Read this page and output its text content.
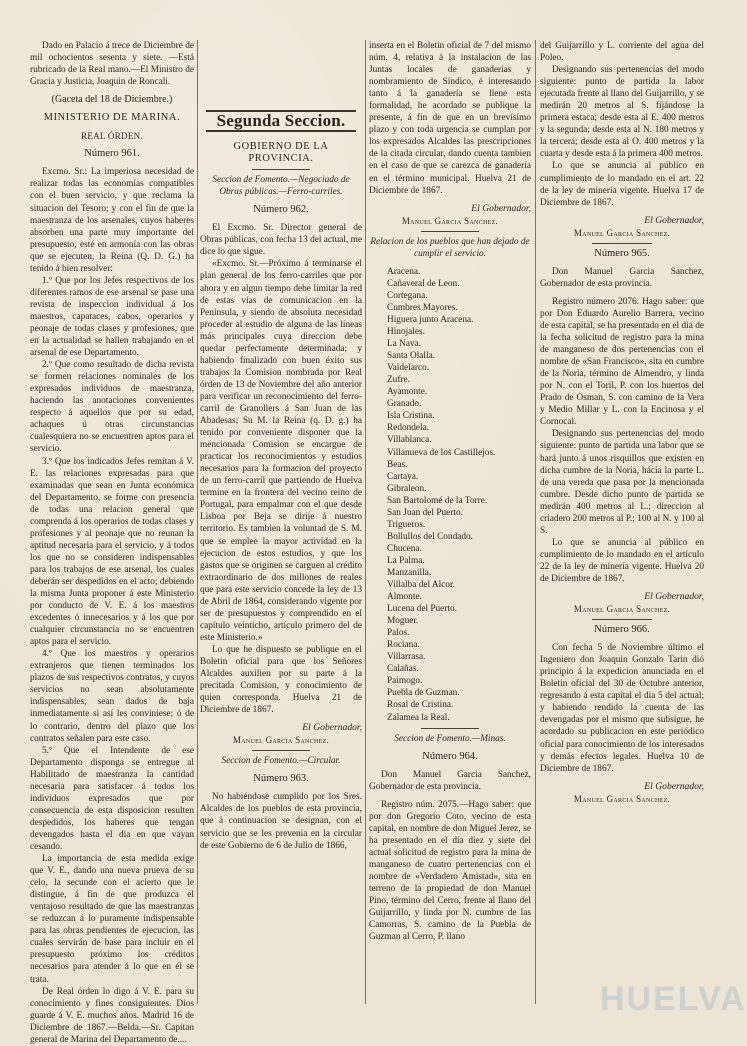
Dado en Palacio á trece de Diciembre de mil ochocientos sesenta y siete. —Está rubricado de la Real mano.—El Ministro de Gracia y Justicia, Joaquin de Roncali.

(Gaceta del 18 de Diciembre.)

MINISTERIO DE MARINA.

REAL ÓRDEN.

Número 961.

Excmo. Sr.: La imperiosa necesidad de realizar todas las economías compatibles con el buen servicio, y que reclama la situacion del Tesoro; y con el fin de que la maestranza de los arsenales, cuyos haberes absorben una parte muy importante del presupuesto, esté en armonía con las obras que se ejecuten, la Reina (Q. D. G.) ha tenido á bien resolver:

1.º Que por los Jefes respectivos de los diferentes ramos de ese arsenal se pase una revista de inspeccion individual á los maestros, capataces, cabos, operarios y peonaje de todas clases y profesiones, que en la actualidad se hallen trabajando en el arsenal de ese Departamento.

2.º Que como resultado de dicha revista se formen relaciones nominales de los expresados individuos de maestranza, haciendo las anotaciones convenientes respecto á aquellos que por su edad, achaques ú otras circunstancias cualesquiera no se encuentren aptos para el servicio.

3.º Que los indicados Jefes remitan á V. E. las relaciones expresadas para que examinadas que sean en Junta económica del Departamento, se forme con presencia de todas una relacion general que comprenda á los operarios de todas clases y profesiones y al peonaje que no reunan la aptitud necesaria para el servicio, y á todos los que no se consideren indispensables para los trabajos de ese arsenal, los cuales deberán ser despedidos en el acto; debiendo la misma Junta proponer á este Ministerio por conducto de V. E. á los maestros excedentes ó innecesarios y á los que por cualquier circunstancia no se encuentren aptos para el servicio.

4.º Que los maestros y operarios extranjeros que tienen terminados los plazos de sus respectivos contratos, y cuyos servicios no sean absolutamente indispensables, sean dados de baja inmediatamente si así les conviniese; ó de lo contrario, dentro del plazo que los contratos señalen para este caso.

5.º Que el Intendente de ese Departamento disponga se entregue al Habilitado de maestranza la cantidad necesaria para satisfacer á todos los individuos expresados que por consecuencia de esta disposicion resulten despedidos, los haberes que tengan devengados hasta el dia en que vayan cesando.

La importancia de esta medida exige que V. E., dando una nueva prueva de su celo, la secunde con el acierto que le distingue, á fin de que produzca el ventajoso resultado de que las maestranzas se reduzcan á lo puramente indispensable para las obras pendientes de ejecucion, las cuales servirán de base para incluir en el presupuesto próximo los créditos necesarios para atender á lo que en él se trata.

De Real órden lo digo á V. E. para su conocimiento y fines consiguientes. Dios guarde á V. E. muchos años. Madrid 16 de Diciembre de 1867.—Belda.—Sr. Capitan general de Marina del Departamento de....

Segunda Seccion.

GOBIERNO DE LA PROVINCIA.

Seccion de Fomento.—Negociado de Obras públicas.—Ferro-carriles.

Número 962.

El Excmo. Sr. Director general de Obras públicas, con fecha 13 del actual, me dice lo que sigue.

«Excmo. Sr.—Próximo á terminarse el plan general de los ferro-carriles que por ahora y en algun tiempo debe limitar la red de estas vías de comunicacion en la Península, y siendo de absoluta necesidad proceder al estudio de alguna de las líneas más principales cuya direccion debe quedar perfectamente determinada; y habiendo finalizado con buen éxito sus trabajos la Comision nombrada por Real órden de 13 de Noviembre del año anterior para verificar un reconocimiento del ferro-carril de Granollers á San Juan de las Abadesas; Su M. la Reina (q. D. g.) ha tenido por conveniente disponer que la mencionada Comision se encargue de practicar los reconocimientos y estudios necesarios para la formacion del proyecto de un ferro-carril que partiendo de Huelva termine en la frontera del vecino reino de Portugal, para empalmar con el que desde Lisboa por Beja se dirije á nuestro territorio. Es tambien la voluntad de S. M. que se emplee la mayor actividad en la ejecucion de estos estudios, y que los gastos que se originen se carguen al crédito extraordinario de dos millones de reales que para este servicio concede la ley de 13 de Abril de 1864, considerando vigente por ser de presupuestos y comprendido en el capítulo veinticho, artículo primero del de este Ministerio.»

Lo que he dispuesto se publique en el Boletin oficial para que los Señores Alcaldes auxilien por su parte á la precitada Comision, y conocimiento de quien corresponda. Huelva 21 de Diciembre de 1867.

El Gobernador,

Manuel Garcia Sanchez.

Seccion de Fomento.—Circular.

Número 963.

No habiéndose cumplido por los Sres. Alcaldes de los pueblos de esta provincia, que á continuacion se designan, con el servicio que se les prevenia en la circular de este Gobierno de 6 de Julio de 1866,

inserta en el Boletin oficial de 7 del mismo núm. 4, relativa á la instalacion de las Juntas locales de ganaderías y nombramiento de Síndico, é interesando tanto á la ganadería se llene esta formalidad, he acordado se publique la presente, á fin de que en un brevísimo plazo y con toda urgencia se cumplan por los expresados Alcaldes las prescripciones de la citada circular, dando cuenta tambien en el caso de que se carezca de ganadería en el término municipal. Huelva 21 de Diciembre de 1867.

El Gobernador,

Manuel Garcia Sanchez.

Relacion de los pueblos que han dejado de cumplir el servicio.

Aracena.
Cañaveral de Leon.
Cortegana.
Cumbres Mayores.
Higuera junto Aracena.
Hinojales.
La Nava.
Santa Olalla.
Valdelarco.
Zufre.
Ayamonte.
Granado.
Isla Cristina.
Redondela.
Villablanca.
Villanueva de los Castillejos.
Beas.
Cartaya.
Gibraleon.
San Bartolomé de la Torre.
San Juan del Puerto.
Trigueros.
Bollullos del Condado.
Chucena.
La Palma.
Manzanilla.
Villalba del Alcor.
Almonte.
Lucena del Puerto.
Moguer.
Palos.
Rociana.
Villarrasa.
Calañas.
Paimogo.
Puebla de Guzman.
Rosal de Cristina.
Zalamea la Real.

Seccion de Fomento.—Minas.

Número 964.

Don Manuel Garcia Sanchez, Gobernador de esta provincia.

Registro núm. 2075.—Hago saber: que por don Gregorio Coto, vecino de esta capital, en nombre de don Miguel Jerez, se ha presentado en el dia diez y siete del actual solicitud de registro para la mina de manganeso de cuatro pertenencias con el nombre de «Verdadero Amistad», sita en terreno de la propiedad de don Manuel Pino, término del Cerro, frente al llano del Guijarrillo, y linda por N. cumbre de las Camorras, S. camino de la Puebla de Guzman al Cerro, P. llano

del Guijarrillo y L. corriente del agua del Poleo.

Designando sus pertenencias del modo siguiente: punto de partida la labor ejecutada frente al llano del Guijarrillo, y se medirán 20 metros al S. fijándose la primera estaca; desde esta al E. 400 metros y la segunda; desde esta al N. 180 metros y la tercera; desde esta al O. 400 metros y la cuarta y desde esta á la primera 400 metros.

Lo que se anuncia al público en cumplimiento de lo mandado en el art. 22 de la ley de minería vigente. Huelva 17 de Diciembre de 1867.

El Gobernador,

Manuel Garcia Sanchez.

Número 965.

Don Manuel Garcia Sanchez, Gobernador de esta provincia.

Registro número 2076. Hago saber: que por Don Eduardo Aurelio Barrera, vecino de esta capital, se ha presentado en el dia de la fecha solicitud de registro para la mina de manganeso de dos pertenencias con el nombre de «San Francisco», sita en cumbre de la Noria, término de Almendro, y linda por N. con el Toril, P. con los huertos del Prado de Osman, S. con camino de la Vera y Medio Millar y L. con la Encinosa y el Cornocal.

Designando sus pertenencias del modo siguiente: punto de partida una labor que se hará junto á unos risquillos que existen en dicha cumbre de la Noria, hácia la parte L. de una vereda que pasa por la mencionada cumbre. Desde dicho punto de partida se medirán 400 metros al L.; direccion al criadero 200 metros al P.; 100 al N. y 100 al S.

Lo que se anuncia al público en cumplimiento de lo mandado en el artículo 22 de la ley de minería vigente. Huelva 20 de Diciembre de 1867.

El Gobernador,

Manuel Garcia Sanchez.

Número 966.

Con fecha 5 de Noviembre último el Ingeniero don Joaquin Gonzalo Tarin dió principio á la expedicion anunciada en el Boletin oficial del 30 de Octubre anterior, regresando á esta capital el dia 5 del actual; y habiendo rendido la cuenta de las devengadas por el mismo que subsigue, he acordado su publicacion en este periódico oficial para conocimiento de los interesados y demás efectos legales. Huelva 10 de Diciembre de 1867.

El Gobernador,

Manuel Garcia Sanchez.

HUELVA
